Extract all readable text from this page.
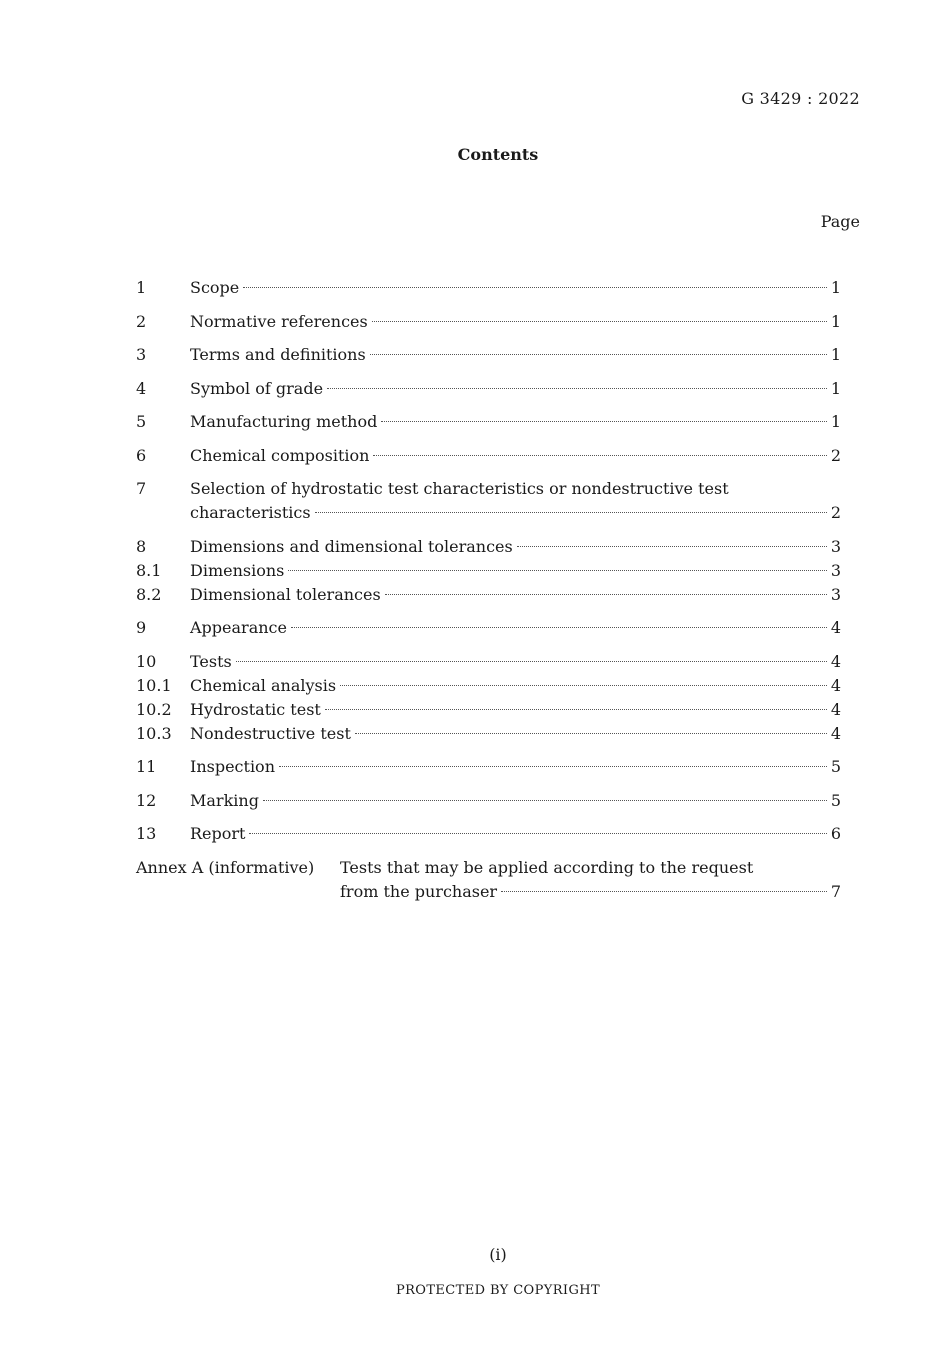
G 3429 : 2022
Contents
Page
1	Scope	1
2	Normative references	1
3	Terms and definitions	1
4	Symbol of grade	1
5	Manufacturing method	1
6	Chemical composition	2
7	Selection of hydrostatic test characteristics or nondestructive test
characteristics	2
8	Dimensions and dimensional tolerances	3
8.1 Dimensions	3
8.2 Dimensional tolerances	3
9	Appearance	4
10 Tests	4
10.1 Chemical analysis	4
10.2 Hydrostatic test	4
10.3 Nondestructive test	4
11 Inspection	5
12 Marking	5
13 Report	6
Annex A (informative) Tests that may be applied according to the request
from the purchaser	7
(i)
PROTECTED BY COPYRIGHT
